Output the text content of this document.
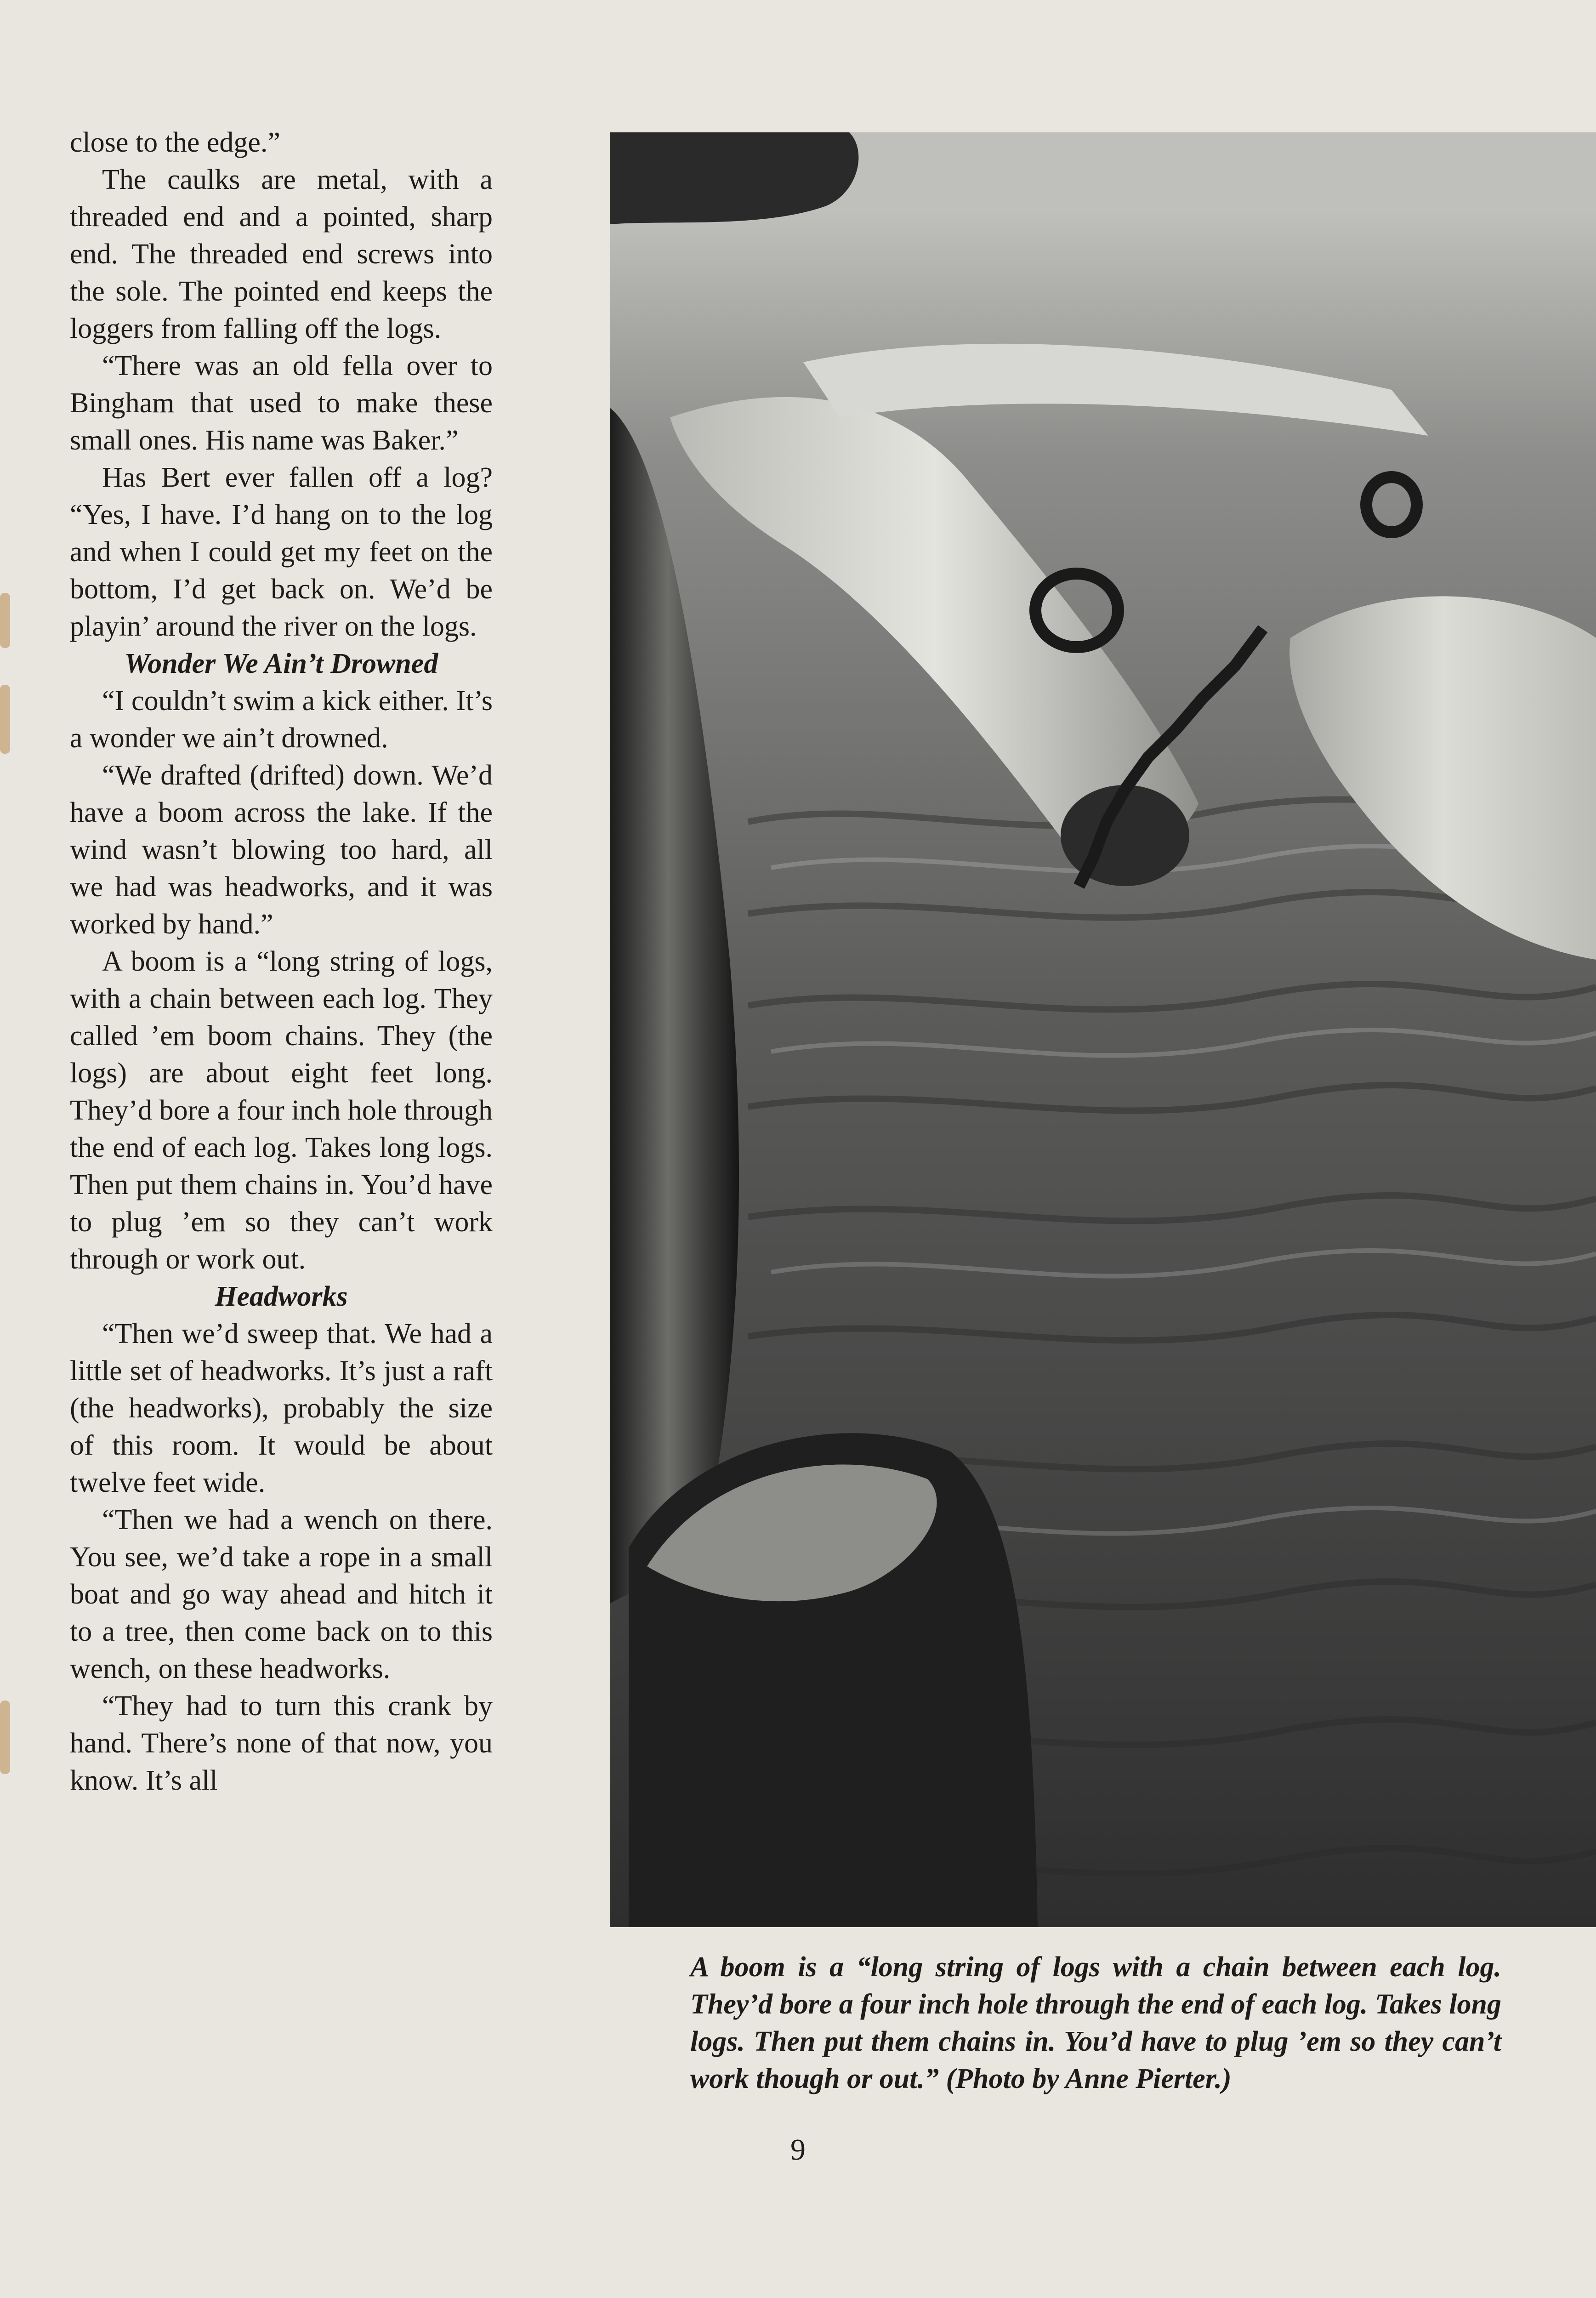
close to the edge.”

The caulks are metal, with a threaded end and a pointed, sharp end. The threaded end screws into the sole. The pointed end keeps the loggers from falling off the logs.

“There was an old fella over to Bingham that used to make these small ones. His name was Baker.”

Has Bert ever fallen off a log? “Yes, I have. I’d hang on to the log and when I could get my feet on the bottom, I’d get back on. We’d be playin’ around the river on the logs.

Wonder We Ain’t Drowned

“I couldn’t swim a kick either. It’s a wonder we ain’t drowned.

“We drafted (drifted) down. We’d have a boom across the lake. If the wind wasn’t blowing too hard, all we had was headworks, and it was worked by hand.”

A boom is a “long string of logs, with a chain between each log. They called ’em boom chains. They (the logs) are about eight feet long. They’d bore a four inch hole through the end of each log. Takes long logs. Then put them chains in. You’d have to plug ’em so they can’t work through or work out.

Headworks

“Then we’d sweep that. We had a little set of headworks. It’s just a raft (the headworks), probably the size of this room. It would be about twelve feet wide.

“Then we had a wench on there. You see, we’d take a rope in a small boat and go way ahead and hitch it to a tree, then come back on to this wench, on these headworks.

“They had to turn this crank by hand. There’s none of that now, you know. It’s all

A boom is a “long string of logs with a chain between each log. They’d bore a four inch hole through the end of each log. Takes long logs. Then put them chains in. You’d have to plug ’em so they can’t work though or out.” (Photo by Anne Pierter.)
9
